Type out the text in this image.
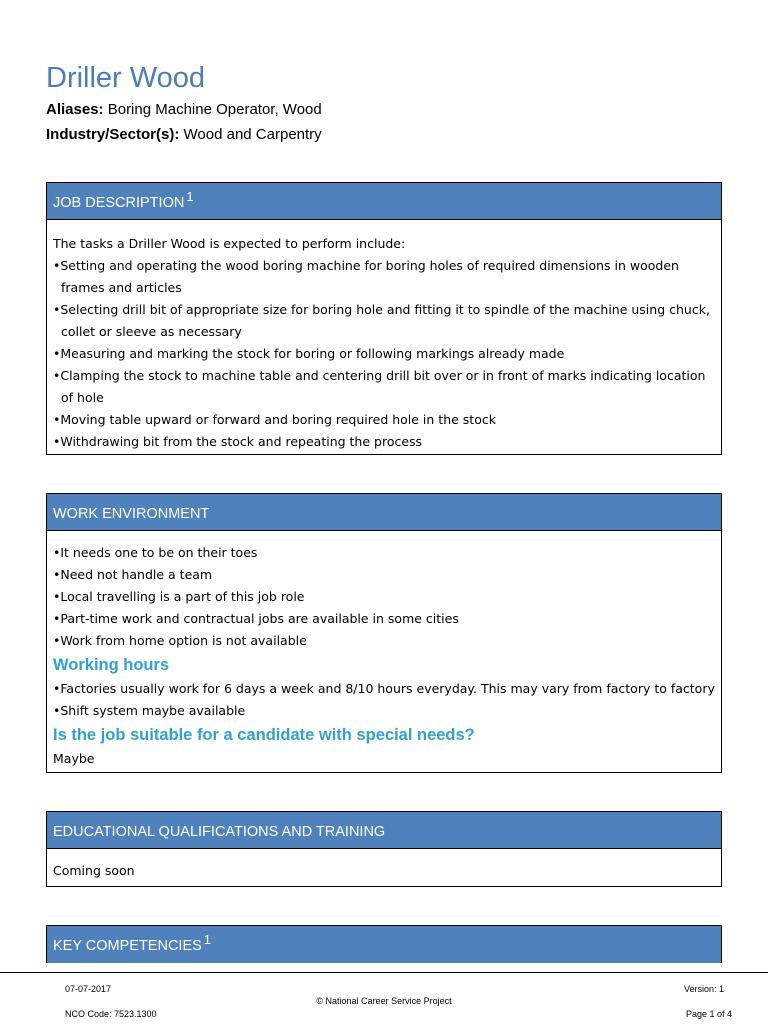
Driller Wood
Aliases: Boring Machine Operator, Wood
Industry/Sector(s): Wood and Carpentry
JOB DESCRIPTION $^1$

The tasks a Driller Wood is expected to perform include:

•Setting and operating the wood boring machine for boring holes of required dimensions in wooden frames and articles

•Selecting drill bit of appropriate size for boring hole and fitting it to spindle of the machine using chuck, collet or sleeve as necessary

•Measuring and marking the stock for boring or following markings already made

•Clamping the stock to machine table and centering drill bit over or in front of marks indicating location of hole

•Moving table upward or forward and boring required hole in the stock

•Withdrawing bit from the stock and repeating the process

WORK ENVIRONMENT

•It needs one to be on their toes

•Need not handle a team

•Local travelling is a part of this job role

•Part-time work and contractual jobs are available in some cities

•Work from home option is not available

Working hours

•Factories usually work for 6 days a week and 8/10 hours everyday. This may vary from factory to factory

•Shift system maybe available

Is the job suitable for a candidate with special needs?

Maybe

EDUCATIONAL QUALIFICATIONS AND TRAINING

Coming soon

KEY COMPETENCIES $^1$
07-07-2017
NCO Code: 7523.1300
© National Career Service Project
Version: 1
Page 1 of 4
